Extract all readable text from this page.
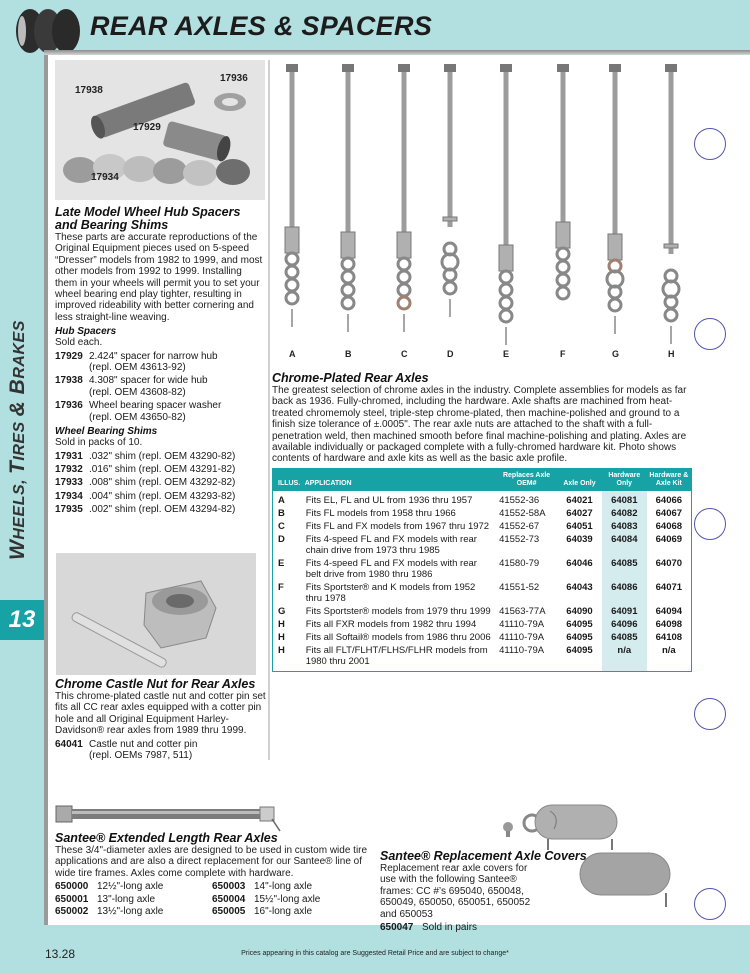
REAR AXLES & SPACERS
WHEELS, TIRES & BRAKES
13
17938
17936
17929
17934
Late Model Wheel Hub Spacers and Bearing Shims
These parts are accurate reproductions of the Original Equipment pieces used on 5-speed “Dresser” models from 1982 to 1999, and most other models from 1992 to 1999. Installing them in your wheels will permit you to set your wheel bearing end play tighter, resulting in improved rideability with better cornering and less straight-line weaving.
Hub Spacers
Sold each.
17929 2.424" spacer for narrow hub
(repl. OEM 43613-92)
17938 4.308" spacer for wide hub
(repl. OEM 43608-82)
17936 Wheel bearing spacer washer
(repl. OEM 43650-82)
Wheel Bearing Shims
Sold in packs of 10.
17931 .032" shim (repl. OEM 43290-82)
17932 .016" shim (repl. OEM 43291-82)
17933 .008" shim (repl. OEM 43292-82)
17934 .004" shim (repl. OEM 43293-82)
17935 .002" shim (repl. OEM 43294-82)
Chrome Castle Nut for Rear Axles
This chrome-plated castle nut and cotter pin set fits all CC rear axles equipped with a cotter pin hole and all Original Equipment Harley-Davidson® rear axles from 1989 thru 1999.
64041 Castle nut and cotter pin
(repl. OEMs 7987, 511)
A	B	C	D	E	F	G	H
Chrome-Plated Rear Axles
The greatest selection of chrome axles in the industry. Complete assemblies for models as far back as 1936. Fully-chromed, including the hardware. Axle shafts are machined from heat-treated chromemoly steel, triple-step chrome-plated, then machine-polished and ground to a finish size tolerance of ±.0005". The rear axle nuts are attached to the shaft with a full-penetration weld, then machined smooth before final machine-polishing and plating. Axles are available individually or packaged complete with a fully-chromed hardware kit. Photo shows contents of hardware and axle kits as well as the basic axle profile.
ILLUS.	APPLICATION	Replaces Axle OEM#	Axle Only	Hardware Only	Hardware & Axle Kit
A	Fits EL, FL and UL from 1936 thru 1957	41552-36	64021	64081	64066
B	Fits FL models from 1958 thru 1966	41552-58A	64027	64082	64067
C	Fits FL and FX models from 1967 thru 1972	41552-67	64051	64083	64068
D	Fits 4-speed FL and FX models with rear chain drive from 1973 thru 1985	41552-73	64039	64084	64069
E	Fits 4-speed FL and FX models with rear belt drive from 1980 thru 1986	41580-79	64046	64085	64070
F	Fits Sportster® and K models from 1952 thru 1978	41551-52	64043	64086	64071
G	Fits Sportster® models from 1979 thru 1999	41563-77A	64090	64091	64094
H	Fits all FXR models from 1982 thru 1994	41110-79A	64095	64096	64098
H	Fits all Softail® models from 1986 thru 2006	41110-79A	64095	64085	64108
H	Fits all FLT/FLHT/FLHS/FLHR models from 1980 thru 2001	41110-79A	64095	n/a	n/a
Santee® Extended Length Rear Axles
These 3/4"-diameter axles are designed to be used in custom wide tire applications and are also a direct replacement for our Santee® line of wide tire frames. Axles come complete with hardware.
650000 12½"-long axle	650003 14"-long axle
650001 13"-long axle	650004 15½"-long axle
650002 13½"-long axle	650005 16"-long axle
Santee® Replacement Axle Covers
Replacement rear axle covers for use with the following Santee® frames: CC #’s 695040, 650048, 650049, 650050, 650051, 650052 and 650053
650047 Sold in pairs
13.28	Prices appearing in this catalog are Suggested Retail Price and are subject to change*
